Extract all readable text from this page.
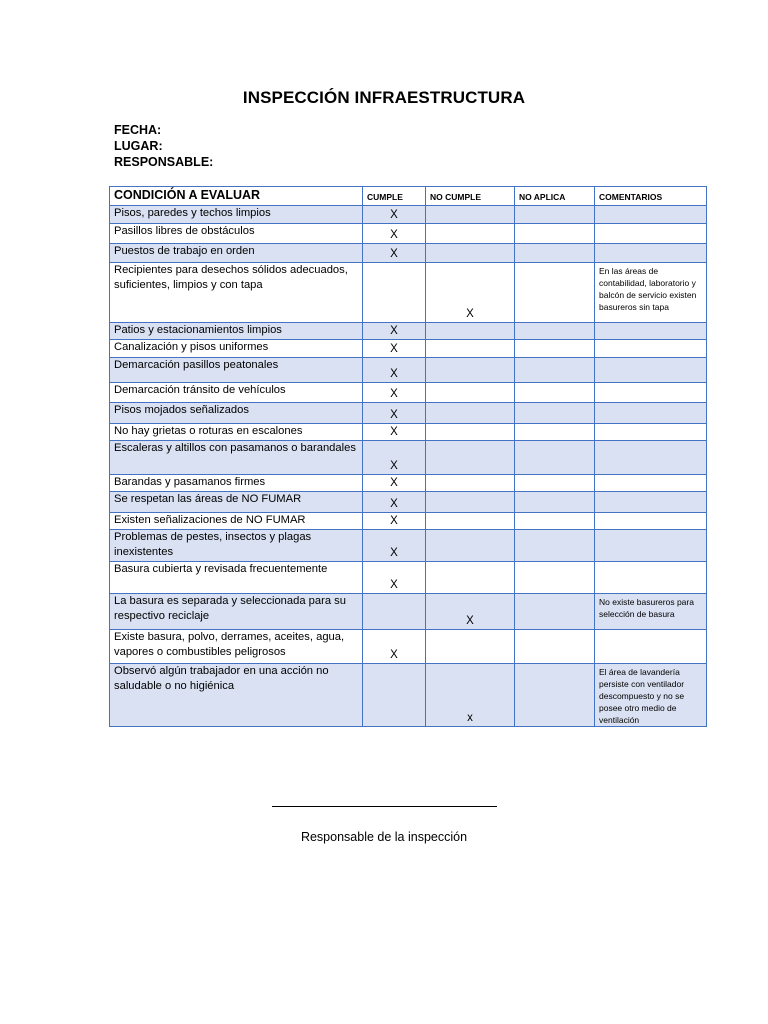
INSPECCIÓN INFRAESTRUCTURA
FECHA:
LUGAR:
RESPONSABLE:
CONDICIÓN A EVALUAR	CUMPLE	NO CUMPLE	NO APLICA	COMENTARIOS
Pisos, paredes y techos limpios	X			
Pasillos libres de obstáculos	X			
Puestos de trabajo en orden	X			
Recipientes para desechos sólidos adecuados, suficientes, limpios y con tapa		X		En las áreas de contabilidad, laboratorio y balcón de servicio existen basureros sin tapa
Patios y estacionamientos limpios	X			
Canalización y pisos uniformes	X			
Demarcación pasillos peatonales	X			
Demarcación tránsito de vehículos	X			
Pisos mojados señalizados	X			
No hay grietas o roturas en escalones	X			
Escaleras y altillos con pasamanos o barandales	X			
Barandas y pasamanos firmes	X			
Se respetan las áreas de NO FUMAR	X			
Existen señalizaciones de NO FUMAR	X			
Problemas de pestes, insectos y plagas inexistentes	X			
Basura cubierta y revisada frecuentemente	X			
La basura es separada y seleccionada para su respectivo reciclaje		X		No existe basureros para selección de basura
Existe basura, polvo, derrames, aceites, agua, vapores o combustibles peligrosos	X			
Observó algún trabajador en una acción no saludable o no higiénica		x		El área de lavandería persiste con ventilador descompuesto y no se posee otro medio de ventilación
Responsable de la inspección
